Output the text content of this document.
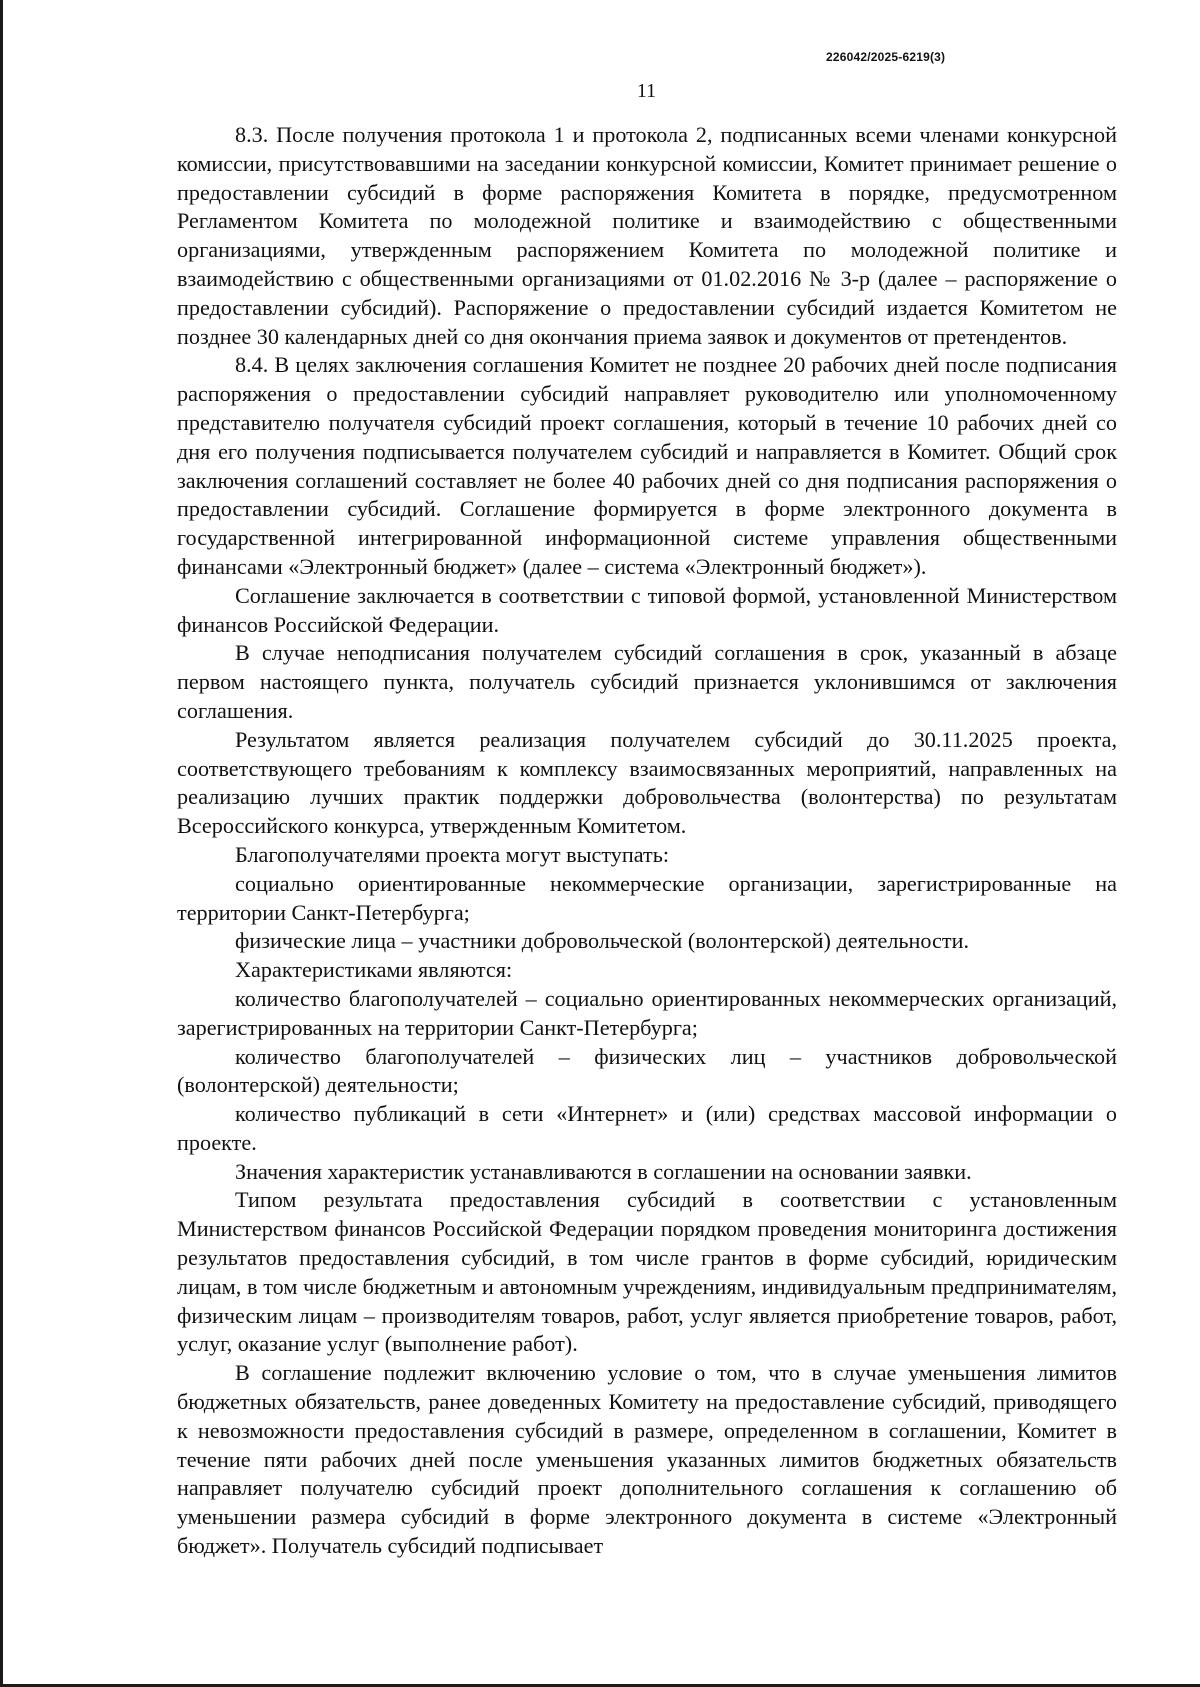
226042/2025-6219(3)
11

8.3. После получения протокола 1 и протокола 2, подписанных всеми членами конкурсной комиссии, присутствовавшими на заседании конкурсной комиссии, Комитет принимает решение о предоставлении субсидий в форме распоряжения Комитета в порядке, предусмотренном Регламентом Комитета по молодежной политике и взаимодействию с общественными организациями, утвержденным распоряжением Комитета по молодежной политике и взаимодействию с общественными организациями от 01.02.2016 № 3-р (далее – распоряжение о предоставлении субсидий). Распоряжение о предоставлении субсидий издается Комитетом не позднее 30 календарных дней со дня окончания приема заявок и документов от претендентов.

8.4. В целях заключения соглашения Комитет не позднее 20 рабочих дней после подписания распоряжения о предоставлении субсидий направляет руководителю или уполномоченному представителю получателя субсидий проект соглашения, который в течение 10 рабочих дней со дня его получения подписывается получателем субсидий и направляется в Комитет. Общий срок заключения соглашений составляет не более 40 рабочих дней со дня подписания распоряжения о предоставлении субсидий. Соглашение формируется в форме электронного документа в государственной интегрированной информационной системе управления общественными финансами «Электронный бюджет» (далее – система «Электронный бюджет»).

Соглашение заключается в соответствии с типовой формой, установленной Министерством финансов Российской Федерации.

В случае неподписания получателем субсидий соглашения в срок, указанный в абзаце первом настоящего пункта, получатель субсидий признается уклонившимся от заключения соглашения.

Результатом является реализация получателем субсидий до 30.11.2025 проекта, соответствующего требованиям к комплексу взаимосвязанных мероприятий, направленных на реализацию лучших практик поддержки добровольчества (волонтерства) по результатам Всероссийского конкурса, утвержденным Комитетом.

Благополучателями проекта могут выступать:

социально ориентированные некоммерческие организации, зарегистрированные на территории Санкт-Петербурга;

физические лица – участники добровольческой (волонтерской) деятельности.

Характеристиками являются:

количество благополучателей – социально ориентированных некоммерческих организаций, зарегистрированных на территории Санкт-Петербурга;

количество благополучателей – физических лиц – участников добровольческой (волонтерской) деятельности;

количество публикаций в сети «Интернет» и (или) средствах массовой информации о проекте.

Значения характеристик устанавливаются в соглашении на основании заявки.

Типом результата предоставления субсидий в соответствии с установленным Министерством финансов Российской Федерации порядком проведения мониторинга достижения результатов предоставления субсидий, в том числе грантов в форме субсидий, юридическим лицам, в том числе бюджетным и автономным учреждениям, индивидуальным предпринимателям, физическим лицам – производителям товаров, работ, услуг является приобретение товаров, работ, услуг, оказание услуг (выполнение работ).

В соглашение подлежит включению условие о том, что в случае уменьшения лимитов бюджетных обязательств, ранее доведенных Комитету на предоставление субсидий, приводящего к невозможности предоставления субсидий в размере, определенном в соглашении, Комитет в течение пяти рабочих дней после уменьшения указанных лимитов бюджетных обязательств направляет получателю субсидий проект дополнительного соглашения к соглашению об уменьшении размера субсидий в форме электронного документа в системе «Электронный бюджет». Получатель субсидий подписывает
